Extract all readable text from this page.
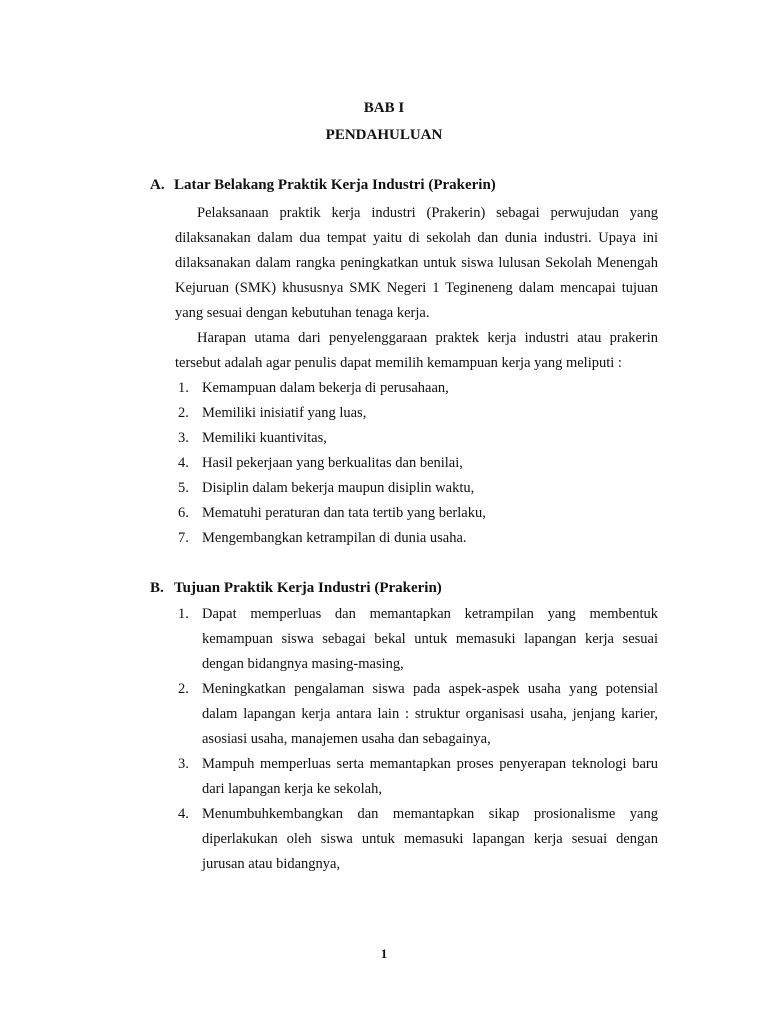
BAB I
PENDAHULUAN
A. Latar Belakang Praktik Kerja Industri (Prakerin)

Pelaksanaan praktik kerja industri (Prakerin) sebagai perwujudan yang dilaksanakan dalam dua tempat yaitu di sekolah dan dunia industri. Upaya ini dilaksanakan dalam rangka peningkatkan untuk siswa lulusan Sekolah Menengah Kejuruan (SMK) khususnya SMK Negeri 1 Tegineneng dalam mencapai tujuan yang sesuai dengan kebutuhan tenaga kerja.

Harapan utama dari penyelenggaraan praktek kerja industri atau prakerin tersebut adalah agar penulis dapat memilih kemampuan kerja yang meliputi :

1. Kemampuan dalam bekerja di perusahaan,
2. Memiliki inisiatif yang luas,
3. Memiliki kuantivitas,
4. Hasil pekerjaan yang berkualitas dan benilai,
5. Disiplin dalam bekerja maupun disiplin waktu,
6. Mematuhi peraturan dan tata tertib yang berlaku,
7. Mengembangkan ketrampilan di dunia usaha.
B. Tujuan Praktik Kerja Industri (Prakerin)
1. Dapat memperluas dan memantapkan ketrampilan yang membentuk kemampuan siswa sebagai bekal untuk memasuki lapangan kerja sesuai dengan bidangnya masing-masing,
2. Meningkatkan pengalaman siswa pada aspek-aspek usaha yang potensial dalam lapangan kerja antara lain : struktur organisasi usaha, jenjang karier, asosiasi usaha, manajemen usaha dan sebagainya,
3. Mampuh memperluas serta memantapkan proses penyerapan teknologi baru dari lapangan kerja ke sekolah,
4. Menumbuhkembangkan dan memantapkan sikap prosionalisme yang diperlakukan oleh siswa untuk memasuki lapangan kerja sesuai dengan jurusan atau bidangnya,
1
